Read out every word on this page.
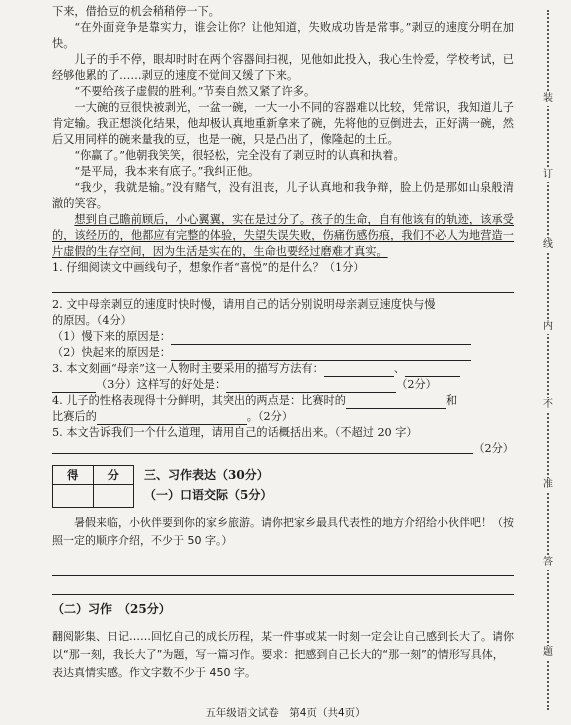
下来，借拾豆的机会稍稍停一下。

“在外面竞争是靠实力，谁会让你？让他知道，失败成功皆是常事。”剥豆的速度分明在加快。

儿子的手不停，眼却时时在两个容器间扫视，见他如此投入，我心生怜爱，学校考试，已经够他累的了……剥豆的速度不觉间又缓了下来。

“不要给孩子虚假的胜利。”节奏自然又紧了许多。

一大碗的豆很快被剥光，一盆一碗，一大一小不同的容器难以比较，凭常识，我知道儿子肯定输。我正想淡化结果，他却极认真地重新拿来了碗，先将他的豆倒进去，正好满一碗，然后又用同样的碗来量我的豆，也是一碗，只是凸出了，像隆起的土丘。

“你赢了。”他朝我笑笑，很轻松，完全没有了剥豆时的认真和执着。

“是平局，我本来有底子。”我纠正他。

“我少，我就是输。”没有赌气，没有沮丧，儿子认真地和我争辩，脸上仍是那如山泉般清澈的笑容。

想到自己瞻前顾后，小心翼翼，实在是过分了。孩子的生命，自有他该有的轨迹，该承受的，该经历的，他都应有完整的体验，失望失误失败，伤痛伤感伤痕，我们不必人为地营造一片虚假的生存空间，因为生活是实在的，生命也要经过磨难才真实。

1. 仔细阅读文中画线句子，想象作者“喜悦”的是什么？（1分）

2. 文中母亲剥豆的速度时快时慢，请用自己的话分别说明母亲剥豆速度快与慢

的原因。（4分）

（1）慢下来的原因是：

（2）快起来的原因是：

3. 本文刻画“母亲”这一人物时主要采用的描写方法有：	、

（3分）这样写的好处是：	（2分）

4. 儿子的性格表现得十分鲜明，其突出的两点是：比赛时的	和

比赛后的	。（2分）

5. 本文告诉我们一个什么道理，请用自己的话概括出来。（不超过 20 字）

（2分）

得	分	三、习作表达（30分）
（一）口语交际（5分）

暑假来临，小伙伴要到你的家乡旅游。请你把家乡最具代表性的地方介绍给小伙伴吧！（按照一定的顺序介绍，不少于 50 字。）

（二）习作　（25分）

翻阅影集、日记……回忆自己的成长历程，某一件事或某一时刻一定会让自己感到长大了。请你以“那一刻，我长大了”为题，写一篇习作。要求：把感到自己长大的“那一刻”的情形写具体，表达真情实感。作文字数不少于 450 字。

五年级语文试卷　第4页（共4页）
装
订
线
内
不
准
答
题
